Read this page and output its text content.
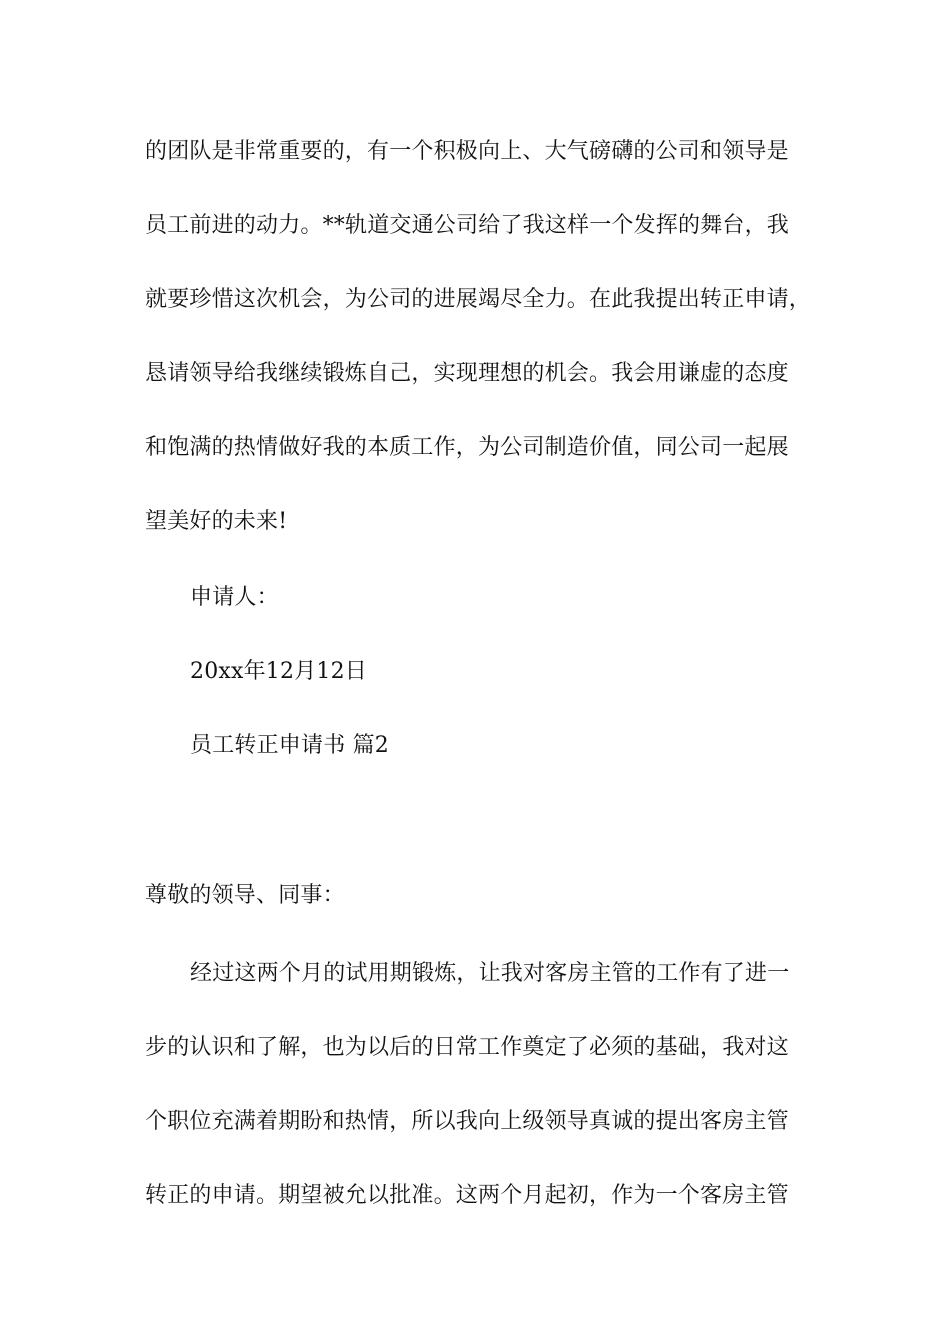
的团队是非常重要的，有一个积极向上、大气磅礴的公司和领导是
员工前进的动力。**轨道交通公司给了我这样一个发挥的舞台，我
就要珍惜这次机会，为公司的进展竭尽全力。在此我提出转正申请，
恳请领导给我继续锻炼自己，实现理想的机会。我会用谦虚的态度
和饱满的热情做好我的本质工作，为公司制造价值，同公司一起展
望美好的未来!
申请人：
20xx年12月12日
员工转正申请书 篇2
尊敬的领导、同事：
经过这两个月的试用期锻炼，让我对客房主管的工作有了进一
步的认识和了解，也为以后的日常工作奠定了必须的基础，我对这
个职位充满着期盼和热情，所以我向上级领导真诚的提出客房主管
转正的申请。期望被允以批准。这两个月起初，作为一个客房主管
